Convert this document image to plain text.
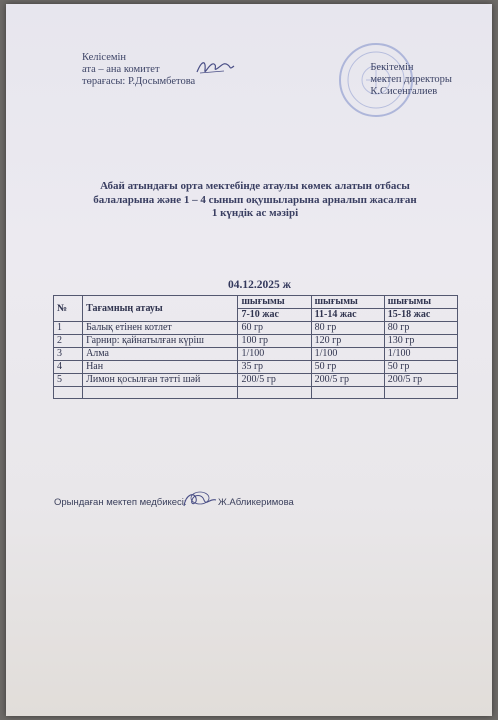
Келісемін
ата – ана комитет
төрағасы: Р.Досымбетова
Бекітемін
мектеп директоры
К.Сисенгалиев
Абай атындағы орта мектебінде атаулы көмек алатын отбасы
балаларына және 1 – 4 сынып оқушыларына арналып жасалған
1 күндік ас мәзірі
04.12.2025 ж
№	Тағамның атауы	шығымы	шығымы	шығымы
		7-10 жас	11-14 жас	15-18 жас
1	Балық етінен котлет	60 гр	80 гр	80 гр
2	Гарнир: қайнатылған күріш	100 гр	120 гр	130 гр
3	Алма	1/100	1/100	1/100
4	Нан	35 гр	50 гр	50 гр
5	Лимон қосылған тәтті шәй	200/5 гр	200/5 гр	200/5 гр

Орындаған мектеп медбикесі:	Ж.Абликеримова
